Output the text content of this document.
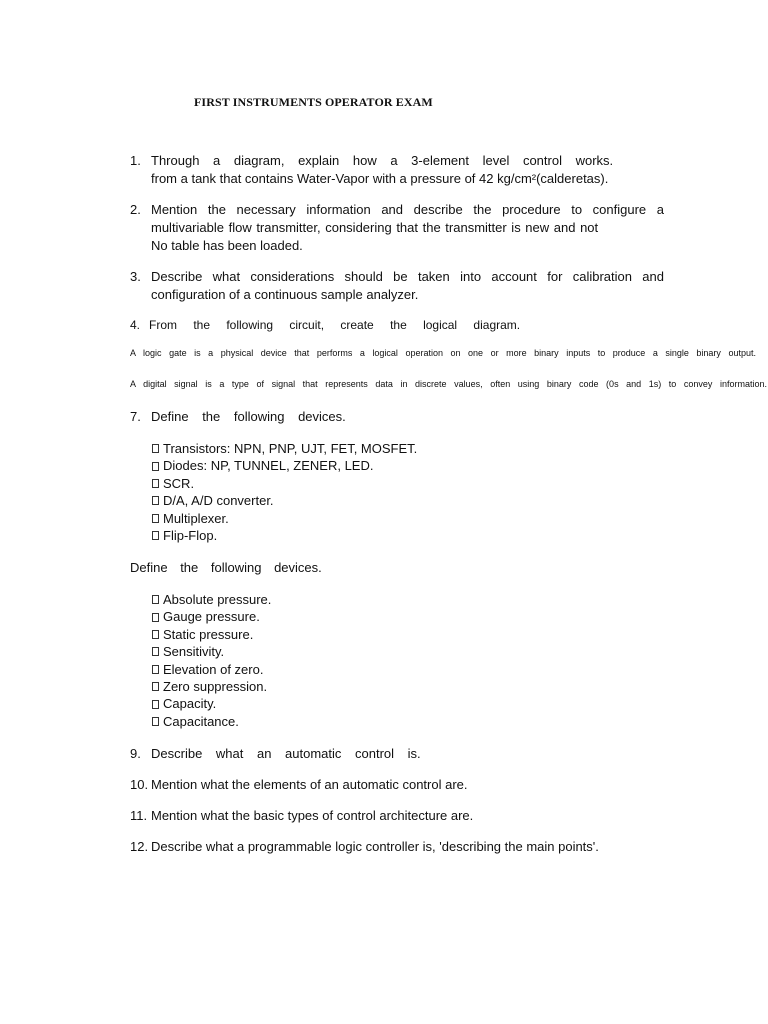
FIRST INSTRUMENTS OPERATOR EXAM
1. Through a diagram, explain how a 3-element level control works.
from a tank that contains Water-Vapor with a pressure of 42 kg/cm²(calderetas).
2. Mention the necessary information and describe the procedure to configure a
multivariable flow transmitter, considering that the transmitter is new and not
No table has been loaded.
3. Describe what considerations should be taken into account for calibration and
configuration of a continuous sample analyzer.
4. From the following circuit, create the logical diagram.
A logic gate is a physical device that performs a logical operation on one or more binary inputs to produce a single binary output.
A digital signal is a type of signal that represents data in discrete values, often using binary code (0s and 1s) to convey information.
7. Define the following devices.
Transistors: NPN, PNP, UJT, FET, MOSFET.
Diodes: NP, TUNNEL, ZENER, LED.
SCR.
D/A, A/D converter.
Multiplexer.
Flip-Flop.
Define the following devices.
Absolute pressure.
Gauge pressure.
Static pressure.
Sensitivity.
Elevation of zero.
Zero suppression.
Capacity.
Capacitance.
9. Describe what an automatic control is.
10. Mention what the elements of an automatic control are.
11. Mention what the basic types of control architecture are.
12. Describe what a programmable logic controller is, 'describing the main points'.
